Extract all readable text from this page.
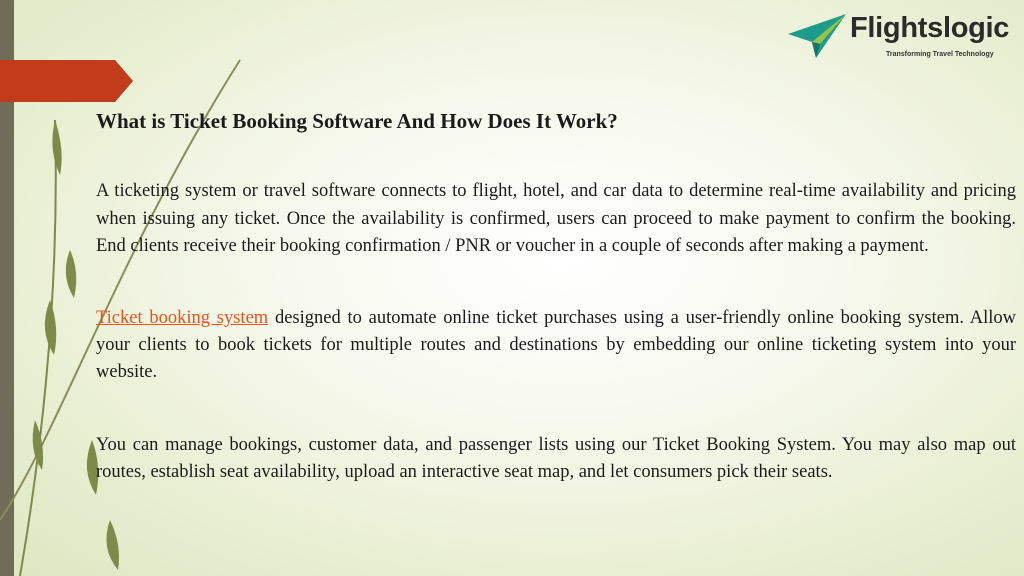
Flightslogic
Transforming Travel Technology
What is Ticket Booking Software And How Does It Work?

A ticketing system or travel software connects to flight, hotel, and car data to determine real-time availability and pricing when issuing any ticket. Once the availability is confirmed, users can proceed to make payment to confirm the booking. End clients receive their booking confirmation / PNR or voucher in a couple of seconds after making a payment.

Ticket booking system designed to automate online ticket purchases using a user-friendly online booking system. Allow your clients to book tickets for multiple routes and destinations by embedding our online ticketing system into your website.

You can manage bookings, customer data, and passenger lists using our Ticket Booking System. You may also map out routes, establish seat availability, upload an interactive seat map, and let consumers pick their seats.
